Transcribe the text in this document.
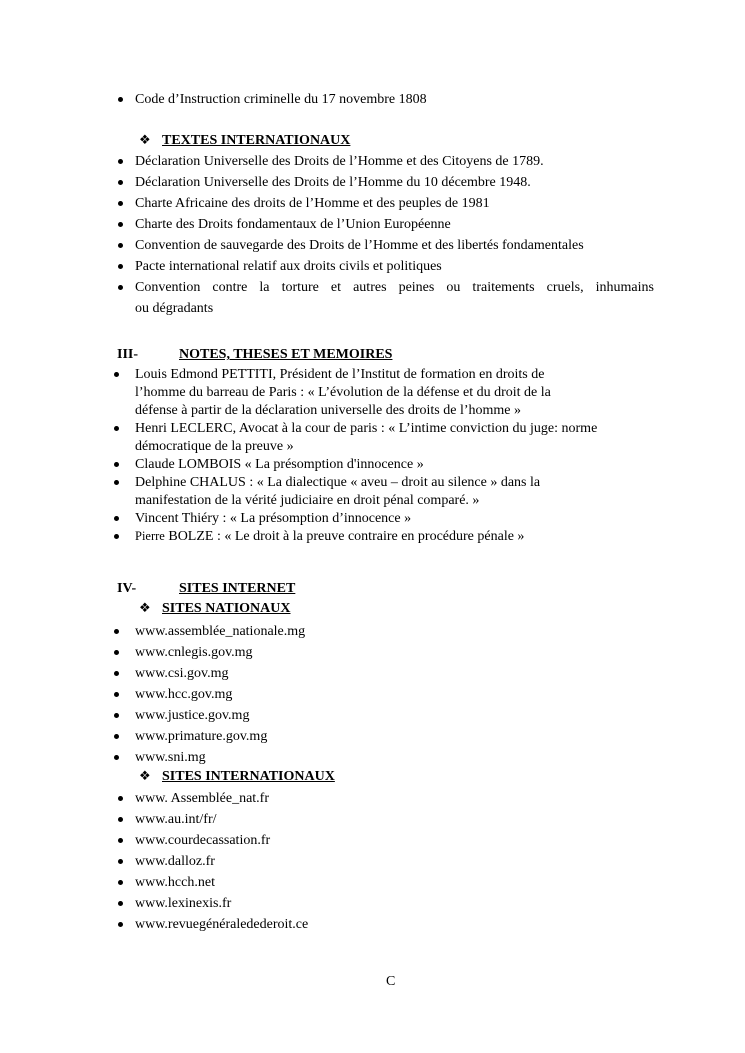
Code d’Instruction criminelle du 17 novembre 1808

❖ TEXTES INTERNATIONAUX

Déclaration Universelle des Droits de l’Homme et des Citoyens de 1789.

Déclaration Universelle des Droits de l’Homme du 10 décembre 1948.

Charte Africaine des droits de l’Homme et des peuples de 1981

Charte des Droits fondamentaux de l’Union Européenne

Convention de sauvegarde des Droits de l’Homme et des libertés fondamentales

Pacte international relatif aux droits civils et politiques

Convention contre la torture et autres peines ou traitements cruels, inhumains

ou dégradants

III-	NOTES, THESES ET MEMOIRES

Louis Edmond PETTITI, Président de l’Institut de formation en droits de

l’homme du barreau de Paris : « L’évolution de la défense et du droit de la

défense à partir de la déclaration universelle des droits de l’homme »

Henri LECLERC, Avocat à la cour de paris : « L’intime conviction du juge: norme

démocratique de la preuve »

Claude LOMBOIS « La présomption d'innocence »

Delphine CHALUS : « La dialectique « aveu – droit au silence » dans la

manifestation de la vérité judiciaire en droit pénal comparé. »

Vincent Thiéry : « La présomption d’innocence »

Pierre BOLZE : « Le droit à la preuve contraire en procédure pénale »

IV-	SITES INTERNET

❖ SITES NATIONAUX

www.assemblée_nationale.mg

www.cnlegis.gov.mg

www.csi.gov.mg

www.hcc.gov.mg

www.justice.gov.mg

www.primature.gov.mg

www.sni.mg

❖ SITES INTERNATIONAUX

www. Assemblée_nat.fr

www.au.int/fr/

www.courdecassation.fr

www.dalloz.fr

www.hcch.net

www.lexinexis.fr

www.revuegénéraledederoit.ce

C
